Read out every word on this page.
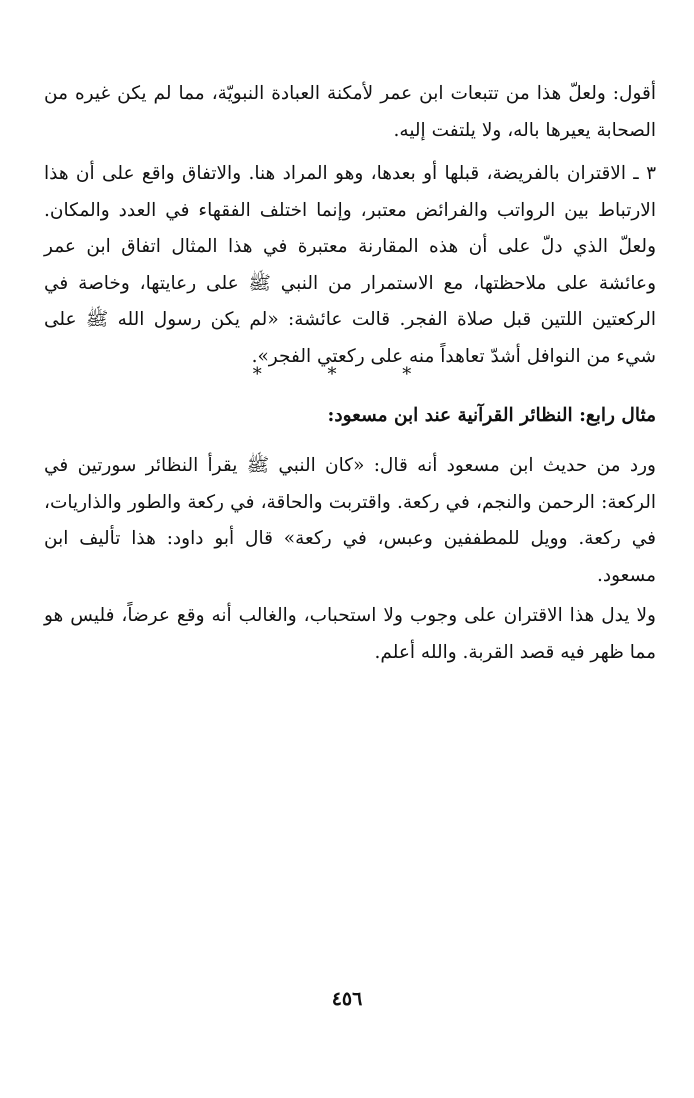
أقول: ولعلّ هذا من تتبعات ابن عمر لأمكنة العبادة النبويّة، مما لم يكن غيره من الصحابة يعيرها باله، ولا يلتفت إليه.

٣ ـ الاقتران بالفريضة، قبلها أو بعدها، وهو المراد هنا. والاتفاق واقع على أن هذا الارتباط بين الرواتب والفرائض معتبر، وإنما اختلف الفقهاء في العدد والمكان. ولعلّ الذي دلّ على أن هذه المقارنة معتبرة في هذا المثال اتفاق ابن عمر وعائشة على ملاحظتها، مع الاستمرار من النبي ﷺ على رعايتها، وخاصة في الركعتين اللتين قبل صلاة الفجر. قالت عائشة: «لم يكن رسول الله ﷺ على شيء من النوافل أشدّ تعاهداً منه على ركعتي الفجر».

* * *
مثال رابع: النظائر القرآنية عند ابن مسعود:

ورد من حديث ابن مسعود أنه قال: «كان النبي ﷺ يقرأ النظائر سورتين في الركعة: الرحمن والنجم، في ركعة. واقتربت والحاقة، في ركعة والطور والذاريات، في ركعة. وويل للمطففين وعبس، في ركعة» قال أبو داود: هذا تأليف ابن مسعود.

ولا يدل هذا الاقتران على وجوب ولا استحباب، والغالب أنه وقع عرضاً، فليس هو مما ظهر فيه قصد القربة. والله أعلم.

٤٥٦
